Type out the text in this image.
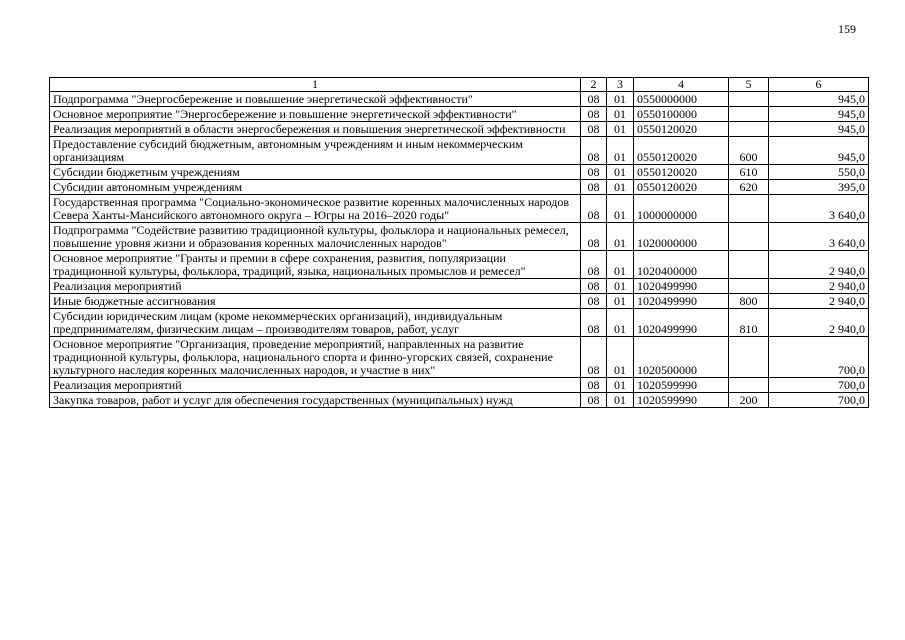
159
1	2	3	4	5	6
Подпрограмма "Энергосбережение и повышение энергетической эффективности"	08	01	0550000000		945,0
Основное мероприятие "Энергосбережение и повышение энергетической эффективности"	08	01	0550100000		945,0
Реализация мероприятий в области энергосбережения и повышения энергетической эффективности	08	01	0550120020		945,0
Предоставление субсидий бюджетным, автономным учреждениям и иным некоммерческим организациям	08	01	0550120020	600	945,0
Субсидии бюджетным учреждениям	08	01	0550120020	610	550,0
Субсидии автономным учреждениям	08	01	0550120020	620	395,0
Государственная программа "Социально-экономическое развитие коренных малочисленных народов Севера Ханты-Мансийского автономного округа – Югры на 2016–2020 годы"	08	01	1000000000		3 640,0
Подпрограмма "Содействие развитию традиционной культуры, фольклора и национальных ремесел, повышение уровня жизни и образования коренных малочисленных народов"	08	01	1020000000		3 640,0
Основное мероприятие "Гранты и премии в сфере сохранения, развития, популяризации традиционной культуры, фольклора, традиций, языка, национальных промыслов и ремесел"	08	01	1020400000		2 940,0
Реализация мероприятий	08	01	1020499990		2 940,0
Иные бюджетные ассигнования	08	01	1020499990	800	2 940,0
Субсидии юридическим лицам (кроме некоммерческих организаций), индивидуальным предпринимателям, физическим лицам – производителям товаров, работ, услуг	08	01	1020499990	810	2 940,0
Основное мероприятие "Организация, проведение мероприятий, направленных на развитие традиционной культуры, фольклора, национального спорта и финно-угорских связей, сохранение культурного наследия коренных малочисленных народов, и участие в них"	08	01	1020500000		700,0
Реализация мероприятий	08	01	1020599990		700,0
Закупка товаров, работ и услуг для обеспечения государственных (муниципальных) нужд	08	01	1020599990	200	700,0
